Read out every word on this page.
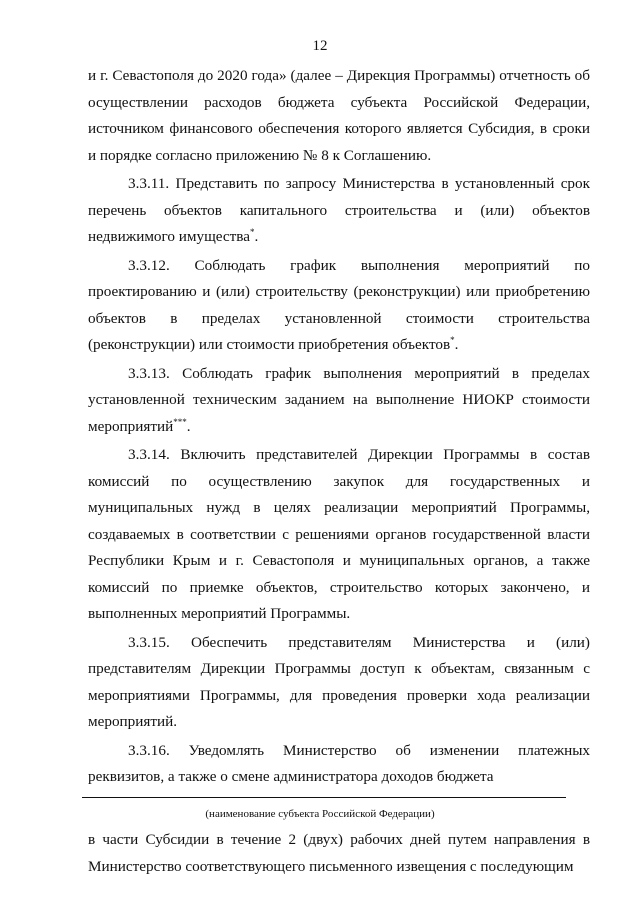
12

и г. Севастополя до 2020 года» (далее – Дирекция Программы) отчетность об осуществлении расходов бюджета субъекта Российской Федерации, источником финансового обеспечения которого является Субсидия, в сроки и порядке согласно приложению № 8 к Соглашению.

3.3.11. Представить по запросу Министерства в установленный срок перечень объектов капитального строительства и (или) объектов недвижимого имущества*.

3.3.12. Соблюдать график выполнения мероприятий по проектированию и (или) строительству (реконструкции) или приобретению объектов в пределах установленной стоимости строительства (реконструкции) или стоимости приобретения объектов*.

3.3.13. Соблюдать график выполнения мероприятий в пределах установленной техническим заданием на выполнение НИОКР стоимости мероприятий***.

3.3.14. Включить представителей Дирекции Программы в состав комиссий по осуществлению закупок для государственных и муниципальных нужд в целях реализации мероприятий Программы, создаваемых в соответствии с решениями органов государственной власти Республики Крым и г. Севастополя и муниципальных органов, а также комиссий по приемке объектов, строительство которых закончено, и выполненных мероприятий Программы.

3.3.15. Обеспечить представителям Министерства и (или) представителям Дирекции Программы доступ к объектам, связанным с мероприятиями Программы, для проведения проверки хода реализации мероприятий.

3.3.16. Уведомлять Министерство об изменении платежных реквизитов, а также о смене администратора доходов бюджета

(наименование субъекта Российской Федерации)

в части Субсидии в течение 2 (двух) рабочих дней путем направления в Министерство соответствующего письменного извещения с последующим
